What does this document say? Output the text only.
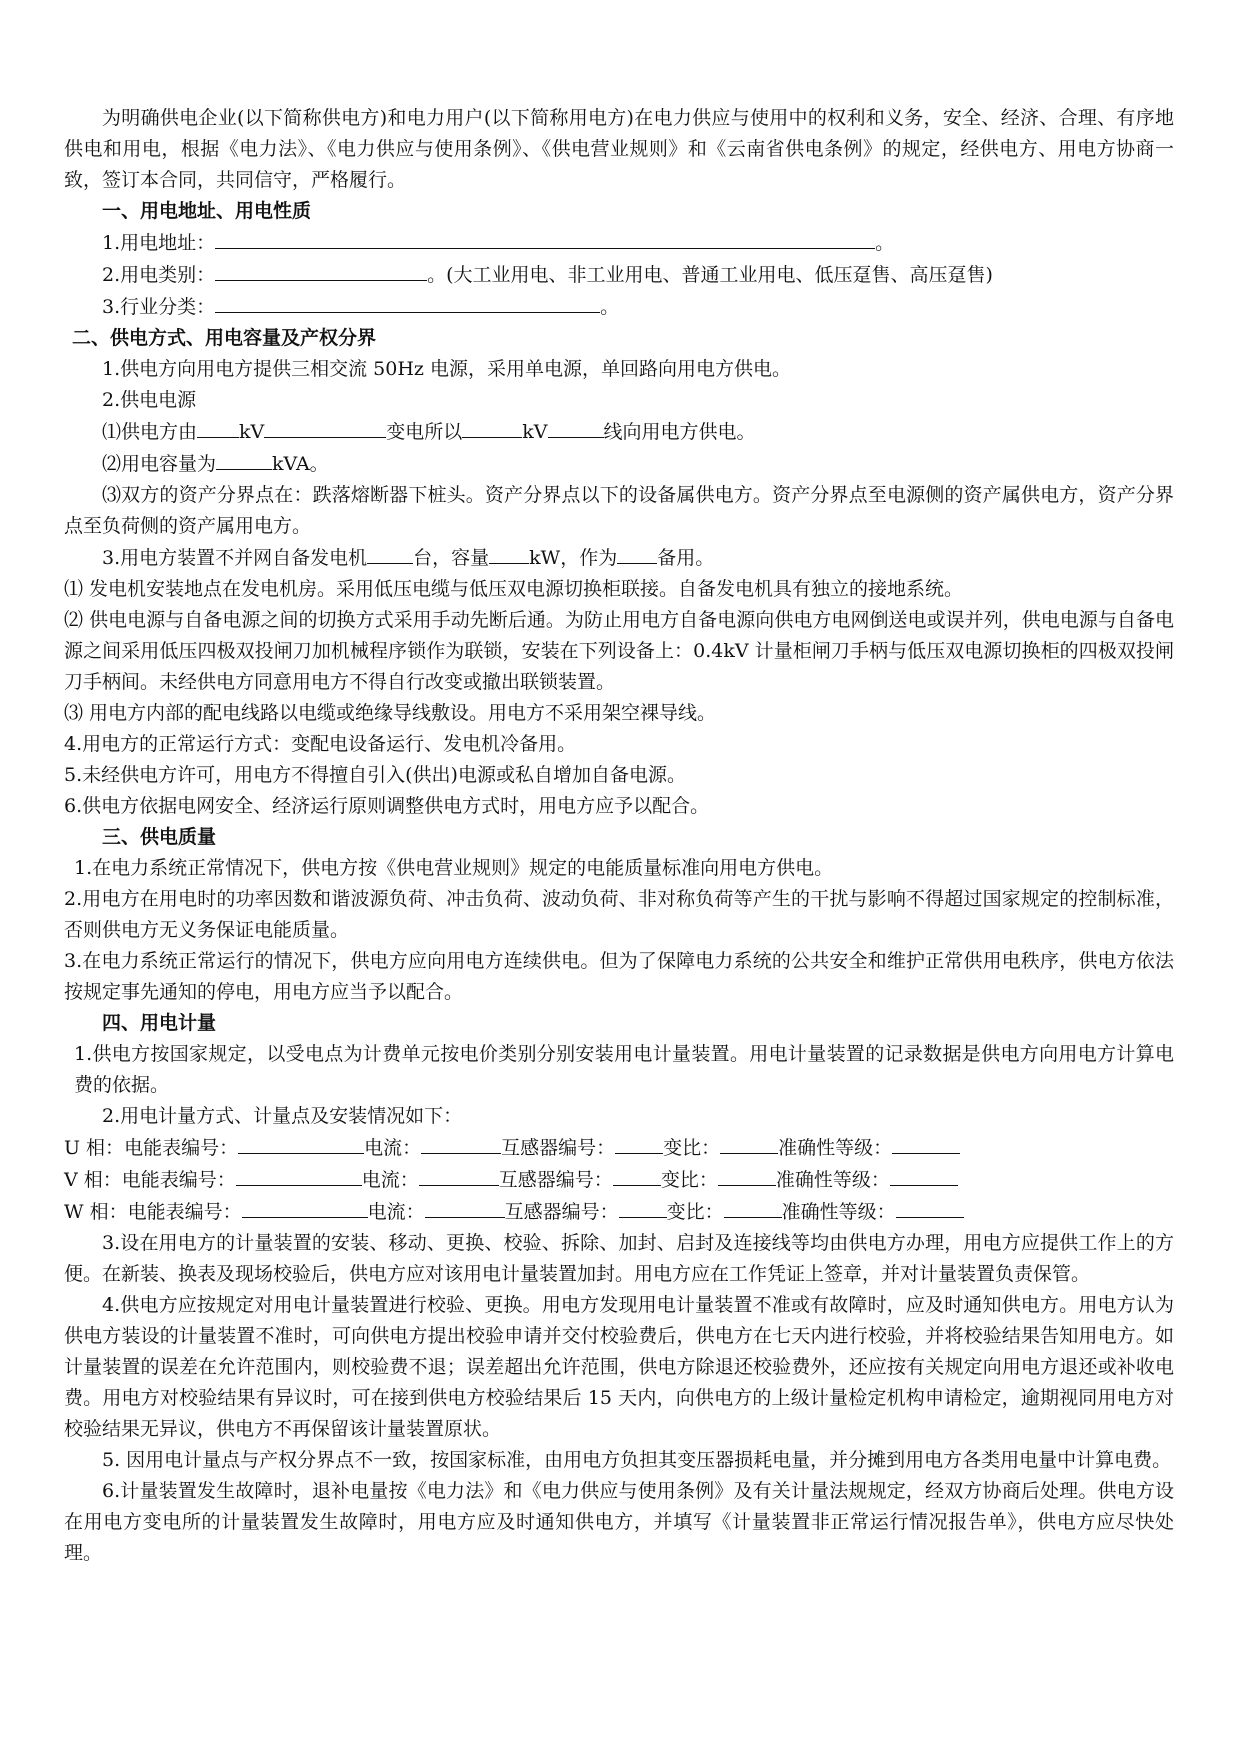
为明确供电企业(以下简称供电方)和电力用户(以下简称用电方)在电力供应与使用中的权利和义务，安全、经济、合理、有序地供电和用电，根据《电力法》、《电力供应与使用条例》、《供电营业规则》和《云南省供电条例》的规定，经供电方、用电方协商一致，签订本合同，共同信守，严格履行。

一、用电地址、用电性质

1.用电地址：	。

2.用电类别：	。(大工业用电、非工业用电、普通工业用电、低压趸售、高压趸售)

3.行业分类：	。

二、供电方式、用电容量及产权分界

1.供电方向用电方提供三相交流 50Hz 电源，采用单电源，单回路向用电方供电。

2.供电电源

⑴供电方由 kV	变电所以	kV	线向用电方供电。

⑵用电容量为	kVA。

⑶双方的资产分界点在：跌落熔断器下桩头。资产分界点以下的设备属供电方。资产分界点至电源侧的资产属供电方，资产分界点至负荷侧的资产属用电方。

3.用电方装置不并网自备发电机 台，容量 kW，作为 备用。

⑴ 发电机安装地点在发电机房。采用低压电缆与低压双电源切换柜联接。自备发电机具有独立的接地系统。

⑵ 供电电源与自备电源之间的切换方式采用手动先断后通。为防止用电方自备电源向供电方电网倒送电或误并列，供电电源与自备电源之间采用低压四极双投闸刀加机械程序锁作为联锁，安装在下列设备上：0.4kV 计量柜闸刀手柄与低压双电源切换柜的四极双投闸刀手柄间。未经供电方同意用电方不得自行改变或撤出联锁装置。

⑶ 用电方内部的配电线路以电缆或绝缘导线敷设。用电方不采用架空裸导线。

4.用电方的正常运行方式：变配电设备运行、发电机冷备用。

5.未经供电方许可，用电方不得擅自引入(供出)电源或私自增加自备电源。

6.供电方依据电网安全、经济运行原则调整供电方式时，用电方应予以配合。

三、供电质量

1.在电力系统正常情况下，供电方按《供电营业规则》规定的电能质量标准向用电方供电。

2.用电方在用电时的功率因数和谐波源负荷、冲击负荷、波动负荷、非对称负荷等产生的干扰与影响不得超过国家规定的控制标准，否则供电方无义务保证电能质量。

3.在电力系统正常运行的情况下，供电方应向用电方连续供电。但为了保障电力系统的公共安全和维护正常供用电秩序，供电方依法按规定事先通知的停电，用电方应当予以配合。

四、用电计量

1.供电方按国家规定，以受电点为计费单元按电价类别分别安装用电计量装置。用电计量装置的记录数据是供电方向用电方计算电费的依据。

2.用电计量方式、计量点及安装情况如下：

U 相：电能表编号：	电流：	互感器编号：	变比：	准确性等级：

V 相：电能表编号：	电流：	互感器编号：	变比：	准确性等级：

W 相：电能表编号：	电流：	互感器编号：	变比：	准确性等级：

3.设在用电方的计量装置的安装、移动、更换、校验、拆除、加封、启封及连接线等均由供电方办理，用电方应提供工作上的方便。在新装、换表及现场校验后，供电方应对该用电计量装置加封。用电方应在工作凭证上签章，并对计量装置负责保管。

4.供电方应按规定对用电计量装置进行校验、更换。用电方发现用电计量装置不准或有故障时，应及时通知供电方。用电方认为供电方装设的计量装置不准时，可向供电方提出校验申请并交付校验费后，供电方在七天内进行校验，并将校验结果告知用电方。如计量装置的误差在允许范围内，则校验费不退；误差超出允许范围，供电方除退还校验费外，还应按有关规定向用电方退还或补收电费。用电方对校验结果有异议时，可在接到供电方校验结果后 15 天内，向供电方的上级计量检定机构申请检定，逾期视同用电方对校验结果无异议，供电方不再保留该计量装置原状。

5. 因用电计量点与产权分界点不一致，按国家标准，由用电方负担其变压器损耗电量，并分摊到用电方各类用电量中计算电费。

6.计量装置发生故障时，退补电量按《电力法》和《电力供应与使用条例》及有关计量法规规定，经双方协商后处理。供电方设在用电方变电所的计量装置发生故障时，用电方应及时通知供电方，并填写《计量装置非正常运行情况报告单》，供电方应尽快处理。
